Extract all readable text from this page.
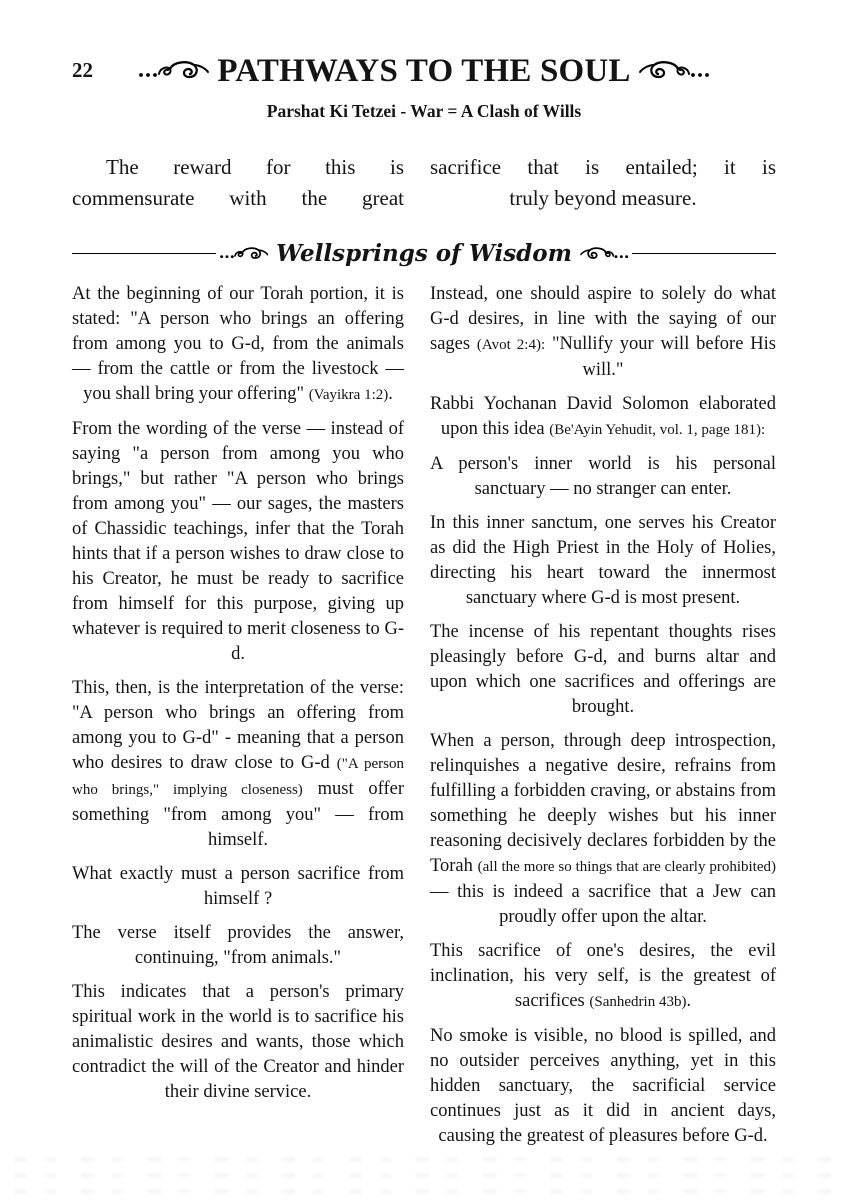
22	PATHWAYS TO THE SOUL
Parshat Ki Tetzei - War = A Clash of Wills
The reward for this is
commensurate with the great
sacrifice that is entailed; it is
truly beyond measure.
Wellsprings of Wisdom

At the beginning of our Torah portion, it is stated: "A person who brings an offering from among you to G-d, from the animals — from the cattle or from the livestock — you shall bring your offering" (Vayikra 1:2).

From the wording of the verse — instead of saying "a person from among you who brings," but rather "A person who brings from among you" — our sages, the masters of Chassidic teachings, infer that the Torah hints that if a person wishes to draw close to his Creator, he must be ready to sacrifice from himself for this purpose, giving up whatever is required to merit closeness to G-d.

This, then, is the interpretation of the verse: "A person who brings an offering from among you to G-d" - meaning that a person who desires to draw close to G-d ("A person who brings," implying closeness) must offer something "from among you" — from himself.

What exactly must a person sacrifice from himself ?

The verse itself provides the answer, continuing, "from animals."

This indicates that a person's primary spiritual work in the world is to sacrifice his animalistic desires and wants, those which contradict the will of the Creator and hinder their divine service.

Instead, one should aspire to solely do what G-d desires, in line with the saying of our sages (Avot 2:4): "Nullify your will before His will."

Rabbi Yochanan David Solomon elaborated upon this idea (Be'Ayin Yehudit, vol. 1, page 181):

A person's inner world is his personal sanctuary — no stranger can enter.

In this inner sanctum, one serves his Creator as did the High Priest in the Holy of Holies, directing his heart toward the innermost sanctuary where G-d is most present.

The incense of his repentant thoughts rises pleasingly before G-d, and burns altar and upon which one sacrifices and offerings are brought.

When a person, through deep introspection, relinquishes a negative desire, refrains from fulfilling a forbidden craving, or abstains from something he deeply wishes but his inner reasoning decisively declares forbidden by the Torah (all the more so things that are clearly prohibited) — this is indeed a sacrifice that a Jew can proudly offer upon the altar.

This sacrifice of one's desires, the evil inclination, his very self, is the greatest of sacrifices (Sanhedrin 43b).

No smoke is visible, no blood is spilled, and no outsider perceives anything, yet in this hidden sanctuary, the sacrificial service continues just as it did in ancient days, causing the greatest of pleasures before G-d.
